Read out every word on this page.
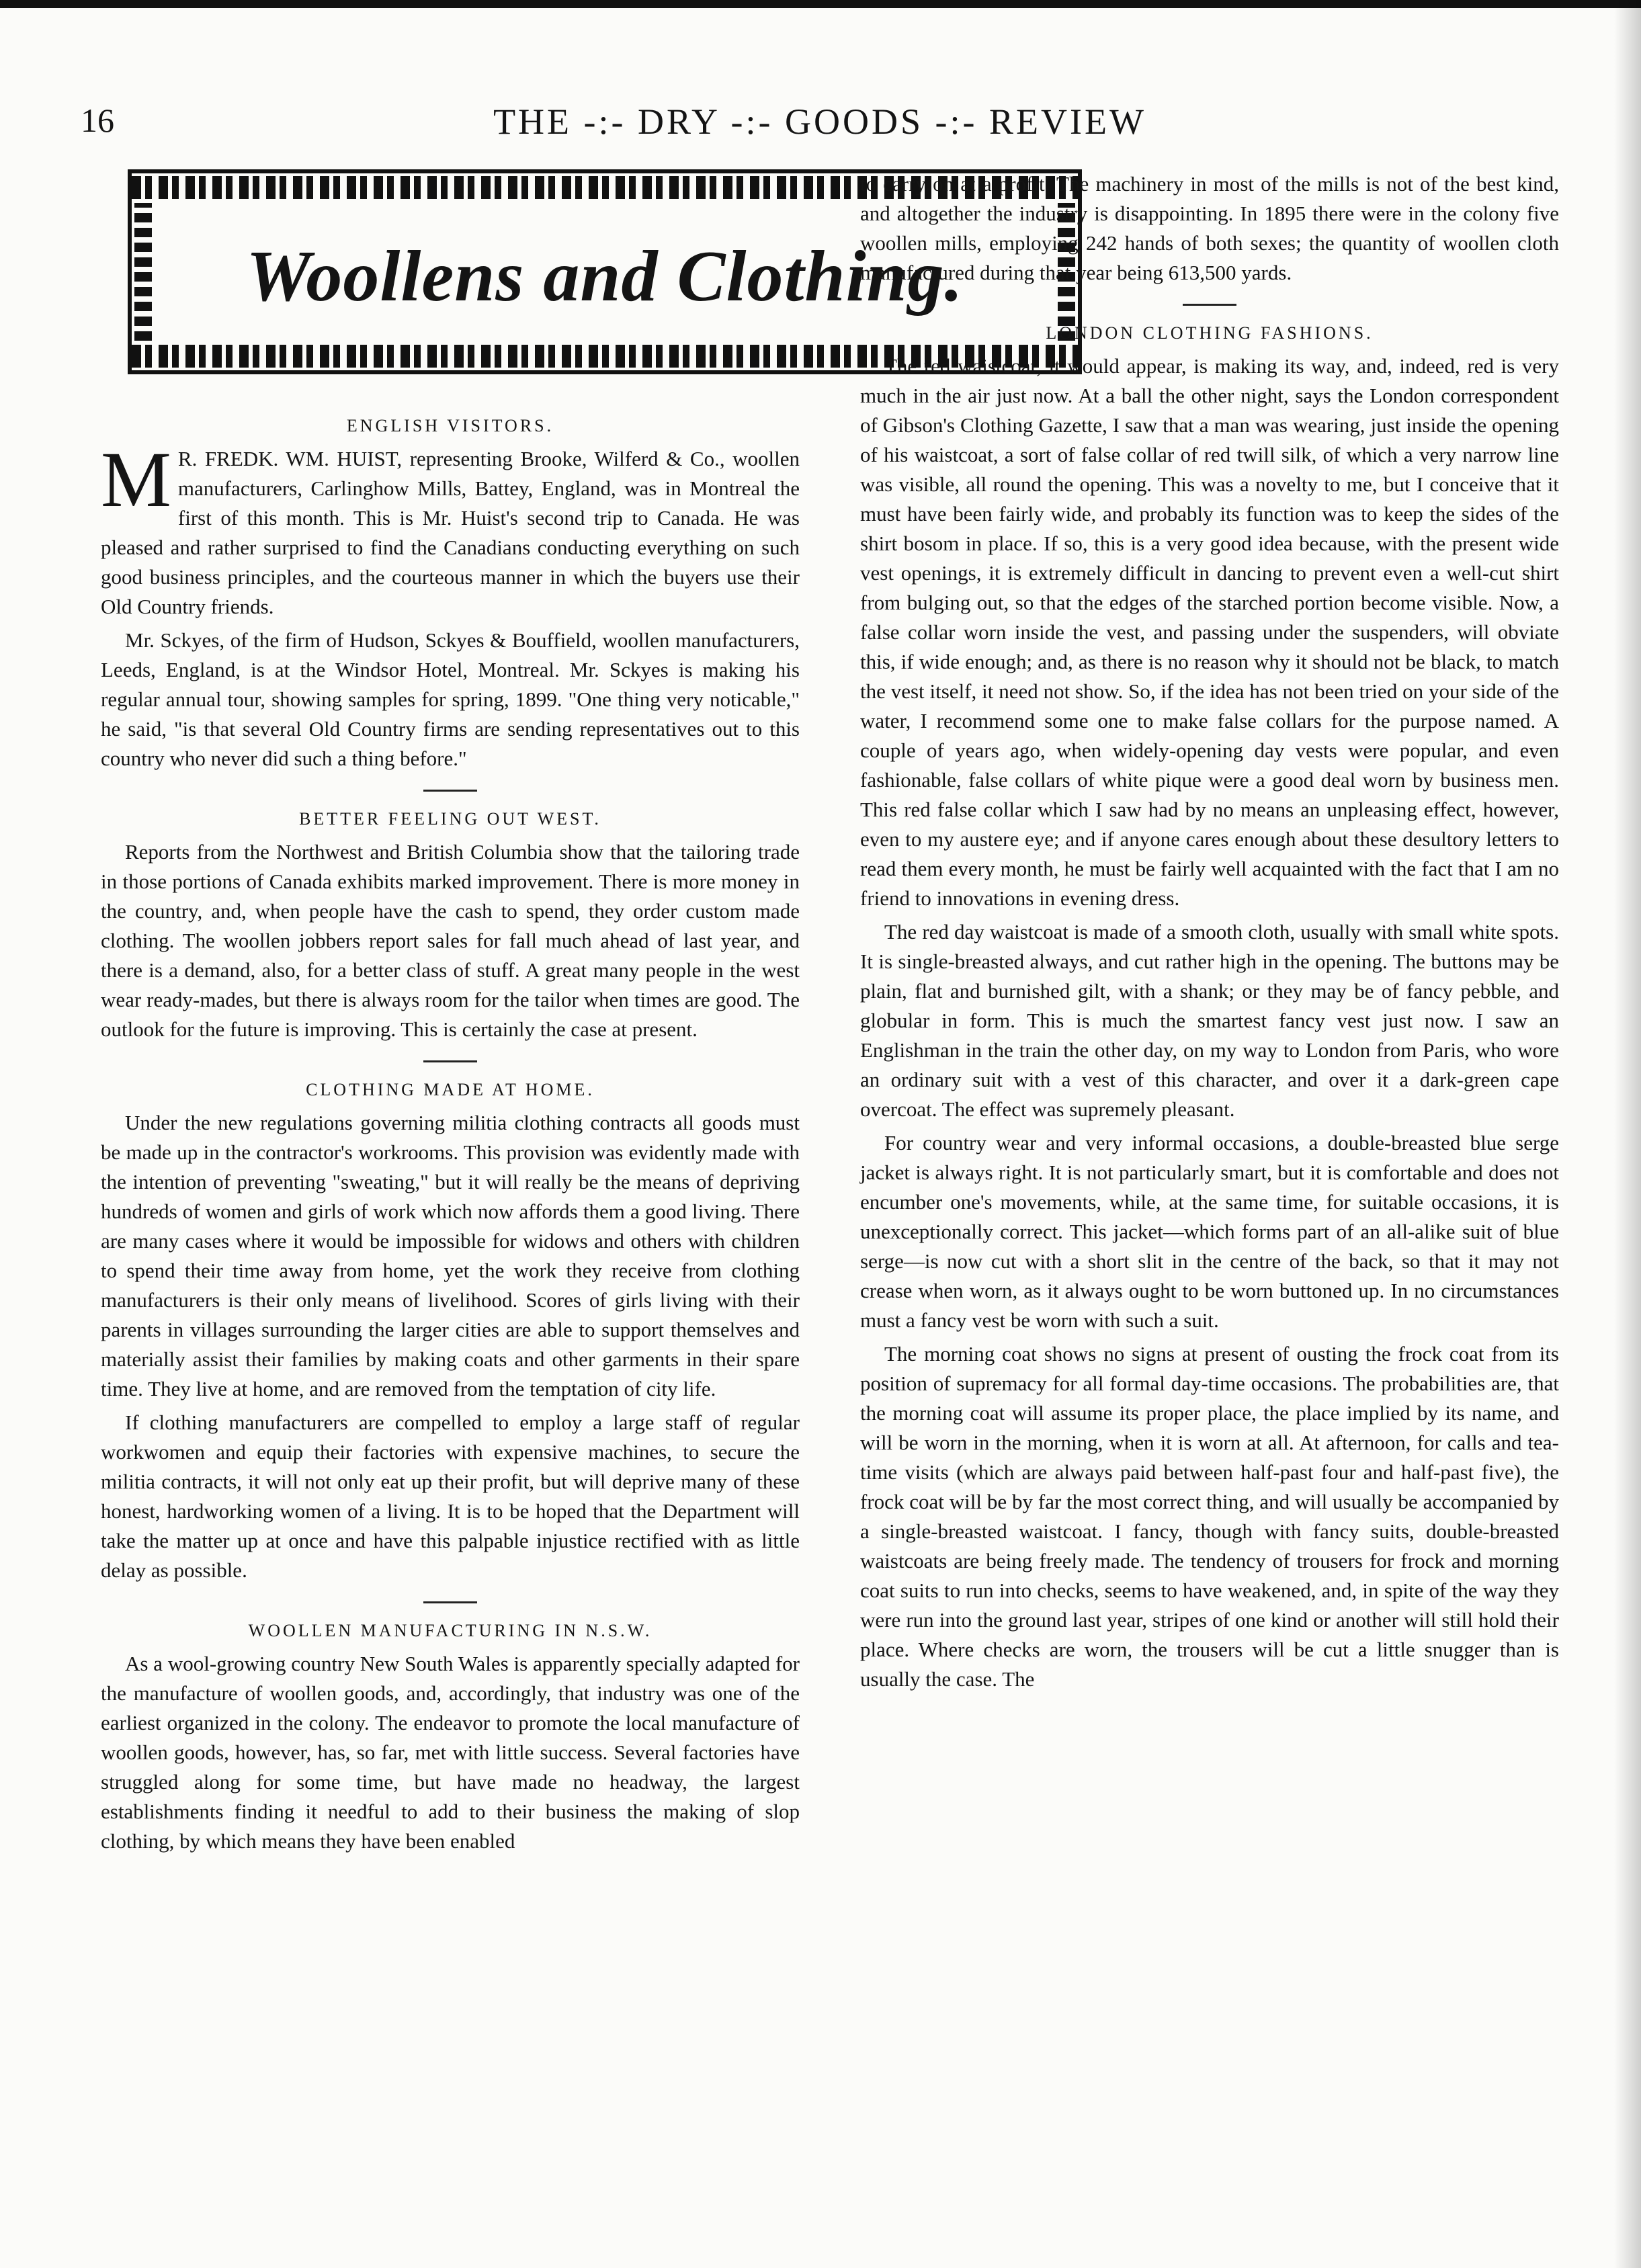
16	THE -:- DRY -:- GOODS -:- REVIEW
Woollens and Clothing.
ENGLISH VISITORS.

MR. FREDK. WM. HUIST, representing Brooke, Wilferd & Co., woollen manufacturers, Carlinghow Mills, Battey, England, was in Montreal the first of this month. This is Mr. Huist's second trip to Canada. He was pleased and rather surprised to find the Canadians conducting everything on such good business principles, and the courteous manner in which the buyers use their Old Country friends.

Mr. Sckyes, of the firm of Hudson, Sckyes & Bouffield, woollen manufacturers, Leeds, England, is at the Windsor Hotel, Montreal. Mr. Sckyes is making his regular annual tour, showing samples for spring, 1899. "One thing very noticable," he said, "is that several Old Country firms are sending representatives out to this country who never did such a thing before."

BETTER FEELING OUT WEST.

Reports from the Northwest and British Columbia show that the tailoring trade in those portions of Canada exhibits marked improvement. There is more money in the country, and, when people have the cash to spend, they order custom made clothing. The woollen jobbers report sales for fall much ahead of last year, and there is a demand, also, for a better class of stuff. A great many people in the west wear ready-mades, but there is always room for the tailor when times are good. The outlook for the future is improving. This is certainly the case at present.

CLOTHING MADE AT HOME.

Under the new regulations governing militia clothing contracts all goods must be made up in the contractor's workrooms. This provision was evidently made with the intention of preventing "sweating," but it will really be the means of depriving hundreds of women and girls of work which now affords them a good living. There are many cases where it would be impossible for widows and others with children to spend their time away from home, yet the work they receive from clothing manufacturers is their only means of livelihood. Scores of girls living with their parents in villages surrounding the larger cities are able to support themselves and materially assist their families by making coats and other garments in their spare time. They live at home, and are removed from the temptation of city life.

If clothing manufacturers are compelled to employ a large staff of regular workwomen and equip their factories with expensive machines, to secure the militia contracts, it will not only eat up their profit, but will deprive many of these honest, hardworking women of a living. It is to be hoped that the Department will take the matter up at once and have this palpable injustice rectified with as little delay as possible.

WOOLLEN MANUFACTURING IN N.S.W.

As a wool-growing country New South Wales is apparently specially adapted for the manufacture of woollen goods, and, accordingly, that industry was one of the earliest organized in the colony. The endeavor to promote the local manufacture of woollen goods, however, has, so far, met with little success. Several factories have struggled along for some time, but have made no headway, the largest establishments finding it needful to add to their business the making of slop clothing, by which means they have been enabled

to carry on at a profit. The machinery in most of the mills is not of the best kind, and altogether the industry is disappointing. In 1895 there were in the colony five woollen mills, employing 242 hands of both sexes; the quantity of woollen cloth manufactured during that year being 613,500 yards.

LONDON CLOTHING FASHIONS.

The red waistcoat, it would appear, is making its way, and, indeed, red is very much in the air just now. At a ball the other night, says the London correspondent of Gibson's Clothing Gazette, I saw that a man was wearing, just inside the opening of his waistcoat, a sort of false collar of red twill silk, of which a very narrow line was visible, all round the opening. This was a novelty to me, but I conceive that it must have been fairly wide, and probably its function was to keep the sides of the shirt bosom in place. If so, this is a very good idea because, with the present wide vest openings, it is extremely difficult in dancing to prevent even a well-cut shirt from bulging out, so that the edges of the starched portion become visible. Now, a false collar worn inside the vest, and passing under the suspenders, will obviate this, if wide enough; and, as there is no reason why it should not be black, to match the vest itself, it need not show. So, if the idea has not been tried on your side of the water, I recommend some one to make false collars for the purpose named. A couple of years ago, when widely-opening day vests were popular, and even fashionable, false collars of white pique were a good deal worn by business men. This red false collar which I saw had by no means an unpleasing effect, however, even to my austere eye; and if anyone cares enough about these desultory letters to read them every month, he must be fairly well acquainted with the fact that I am no friend to innovations in evening dress.

The red day waistcoat is made of a smooth cloth, usually with small white spots. It is single-breasted always, and cut rather high in the opening. The buttons may be plain, flat and burnished gilt, with a shank; or they may be of fancy pebble, and globular in form. This is much the smartest fancy vest just now. I saw an Englishman in the train the other day, on my way to London from Paris, who wore an ordinary suit with a vest of this character, and over it a dark-green cape overcoat. The effect was supremely pleasant.

For country wear and very informal occasions, a double-breasted blue serge jacket is always right. It is not particularly smart, but it is comfortable and does not encumber one's movements, while, at the same time, for suitable occasions, it is unexceptionally correct. This jacket—which forms part of an all-alike suit of blue serge—is now cut with a short slit in the centre of the back, so that it may not crease when worn, as it always ought to be worn buttoned up. In no circumstances must a fancy vest be worn with such a suit.

The morning coat shows no signs at present of ousting the frock coat from its position of supremacy for all formal day-time occasions. The probabilities are, that the morning coat will assume its proper place, the place implied by its name, and will be worn in the morning, when it is worn at all. At afternoon, for calls and tea-time visits (which are always paid between half-past four and half-past five), the frock coat will be by far the most correct thing, and will usually be accompanied by a single-breasted waistcoat. I fancy, though with fancy suits, double-breasted waistcoats are being freely made. The tendency of trousers for frock and morning coat suits to run into checks, seems to have weakened, and, in spite of the way they were run into the ground last year, stripes of one kind or another will still hold their place. Where checks are worn, the trousers will be cut a little snugger than is usually the case. The
